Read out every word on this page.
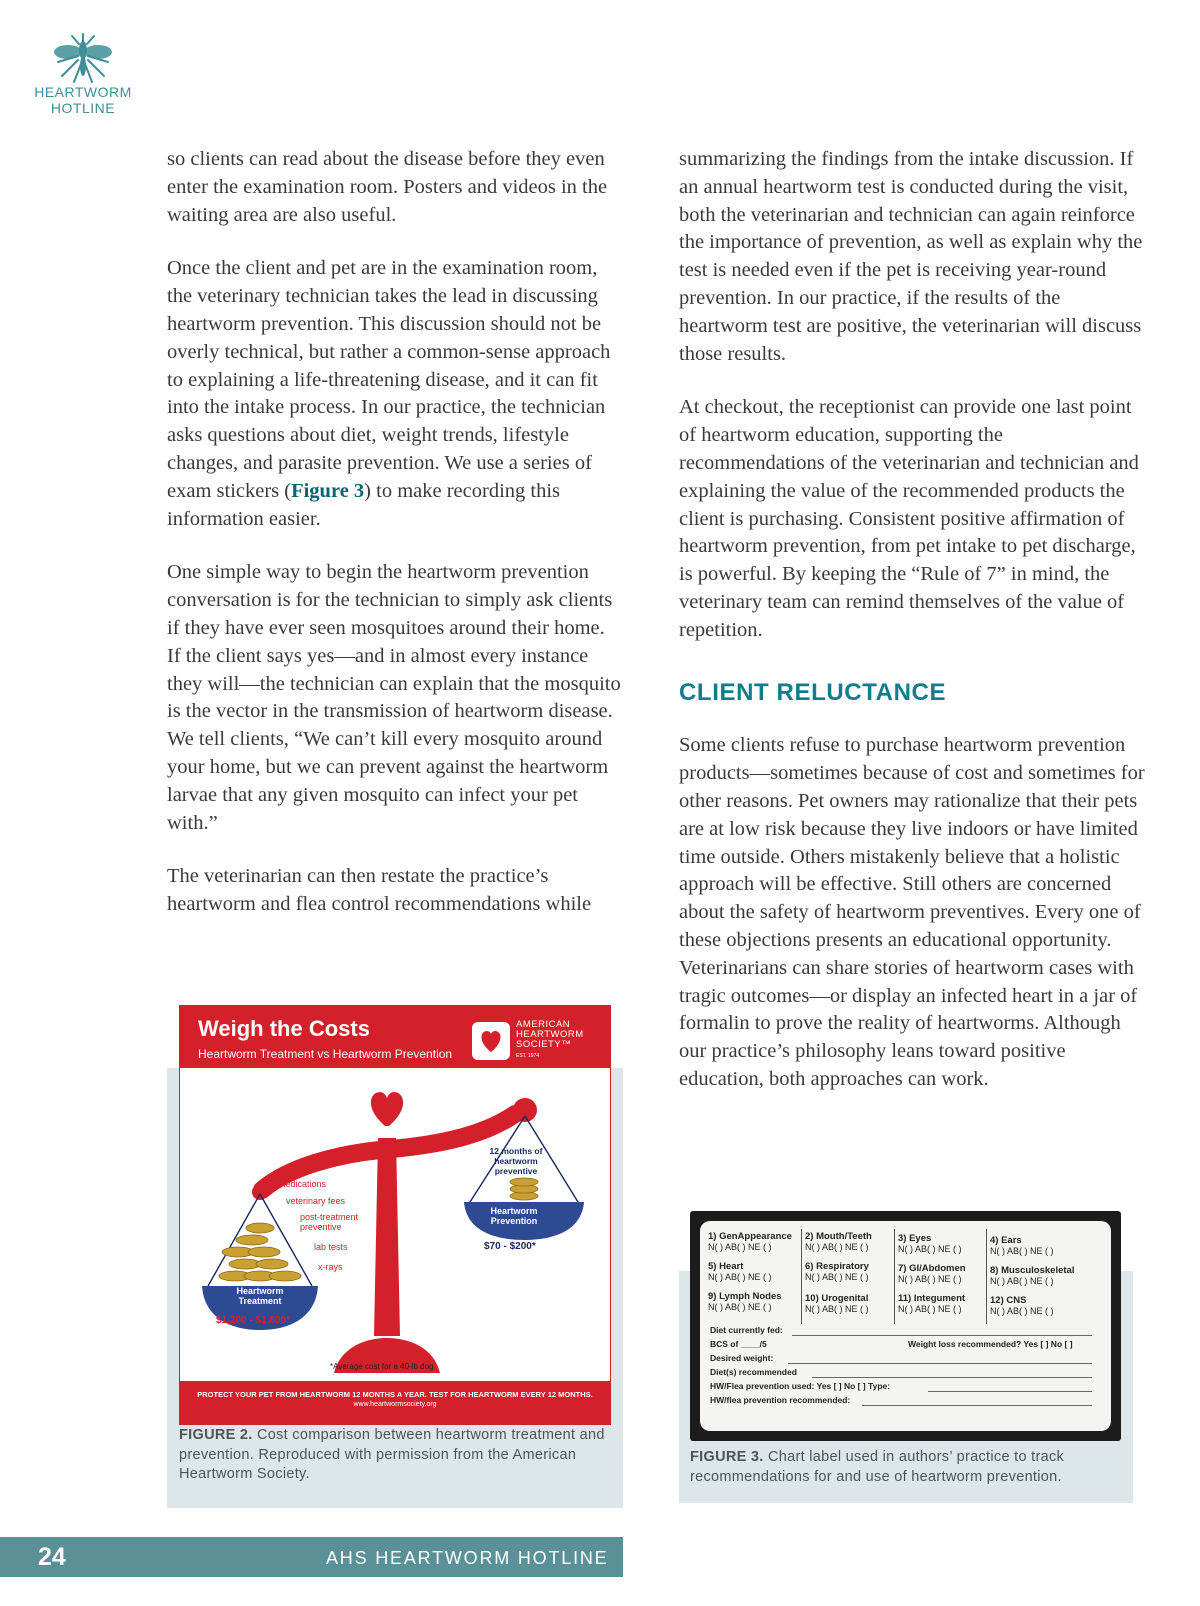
HEARTWORM
HOTLINE

so clients can read about the disease before they even enter the examination room. Posters and videos in the waiting area are also useful.

Once the client and pet are in the examination room, the veterinary technician takes the lead in discussing heartworm prevention. This discussion should not be overly technical, but rather a common-sense approach to explaining a life-threatening disease, and it can fit into the intake process. In our practice, the technician asks questions about diet, weight trends, lifestyle changes, and parasite prevention. We use a series of exam stickers (Figure 3) to make recording this information easier.

One simple way to begin the heartworm prevention conversation is for the technician to simply ask clients if they have ever seen mosquitoes around their home. If the client says yes—and in almost every instance they will—the technician can explain that the mosquito is the vector in the transmission of heartworm disease. We tell clients, “We can’t kill every mosquito around your home, but we can prevent against the heartworm larvae that any given mosquito can infect your pet with.”

The veterinarian can then restate the practice’s heartworm and flea control recommendations while

summarizing the findings from the intake discussion. If an annual heartworm test is conducted during the visit, both the veterinarian and technician can again reinforce the importance of prevention, as well as explain why the test is needed even if the pet is receiving year-round prevention. In our practice, if the results of the heartworm test are positive, the veterinarian will discuss those results.

At checkout, the receptionist can provide one last point of heartworm education, supporting the recommendations of the veterinarian and technician and explaining the value of the recommended products the client is purchasing. Consistent positive affirmation of heartworm prevention, from pet intake to pet discharge, is powerful. By keeping the “Rule of 7” in mind, the veterinary team can remind themselves of the value of repetition.

CLIENT RELUCTANCE

Some clients refuse to purchase heartworm prevention products—sometimes because of cost and sometimes for other reasons. Pet owners may rationalize that their pets are at low risk because they live indoors or have limited time outside. Others mistakenly believe that a holistic approach will be effective. Still others are concerned about the safety of heartworm preventives. Every one of these objections presents an educational opportunity. Veterinarians can share stories of heartworm cases with tragic outcomes—or display an infected heart in a jar of formalin to prove the reality of heartworms. Although our practice’s philosophy leans toward positive education, both approaches can work.

Weigh the Costs
Heartworm Treatment vs Heartworm Prevention
AMERICAN
HEARTWORM
SOCIETY™
EST. 1974
medications
veterinary fees
post-treatment preventive
lab tests
x-rays
Heartworm Treatment
$1,200 - $1,800*
12 months of heartworm preventive
Heartworm Prevention
$70 - $200*
*Average cost for a 40-lb dog
PROTECT YOUR PET FROM HEARTWORM 12 MONTHS A YEAR. TEST FOR HEARTWORM EVERY 12 MONTHS.
www.heartwormsociety.org
FIGURE 2. Cost comparison between heartworm treatment and prevention. Reproduced with permission from the American Heartworm Society.
1) GenAppearance
N( ) AB( ) NE ( )
2) Mouth/Teeth
N( ) AB( ) NE ( )
3) Eyes
N( ) AB( ) NE ( )
4) Ears
N( ) AB( ) NE ( )
5) Heart
N( ) AB( ) NE ( )
6) Respiratory
N( ) AB( ) NE ( )
7) GI/Abdomen
N( ) AB( ) NE ( )
8) Musculoskeletal
N( ) AB( ) NE ( )
9) Lymph Nodes
N( ) AB( ) NE ( )
10) Urogenital
N( ) AB( ) NE ( )
11) Integument
N( ) AB( ) NE ( )
12) CNS
N( ) AB( ) NE ( )
Diet currently fed:
BCS of ____/5	Weight loss recommended? Yes [ ] No [ ]
Desired weight:
Diet(s) recommended
HW/Flea prevention used: Yes [ ] No [ ] Type:
HW/flea prevention recommended:
FIGURE 3. Chart label used in authors’ practice to track recommendations for and use of heartworm prevention.
24	AHS HEARTWORM HOTLINE
